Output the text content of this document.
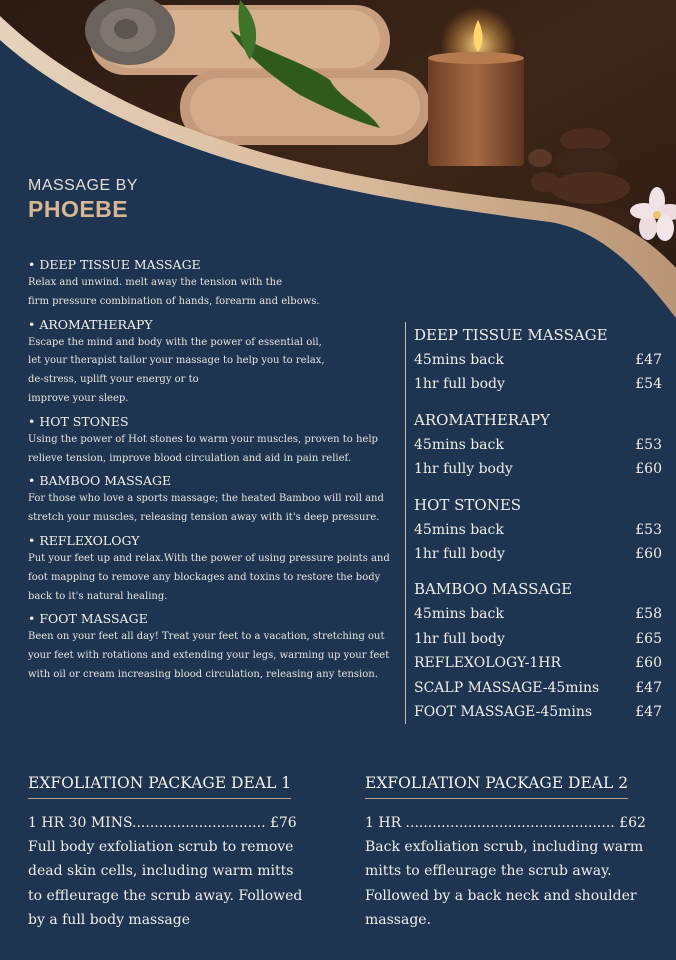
MASSAGE BY
PHOEBE
• DEEP TISSUE MASSAGE
Relax and unwind. melt away the tension with the
firm pressure combination of hands, forearm and elbows.
• AROMATHERAPY
Escape the mind and body with the power of essential oil,
let your therapist tailor your massage to help you to relax,
de-stress, uplift your energy or to
improve your sleep.
• HOT STONES
Using the power of Hot stones to warm your muscles, proven to help
relieve tension, improve blood circulation and aid in pain relief.
• BAMBOO MASSAGE
For those who love a sports massage; the heated Bamboo will roll and
stretch your muscles, releasing tension away with it's deep pressure.
• REFLEXOLOGY
Put your feet up and relax.With the power of using pressure points and
foot mapping to remove any blockages and toxins to restore the body
back to it's natural healing.
• FOOT MASSAGE
Been on your feet all day! Treat your feet to a vacation, stretching out
your feet with rotations and extending your legs, warming up your feet
with oil or cream increasing blood circulation, releasing any tension.
DEEP TISSUE MASSAGE
45mins back	£47
1hr full body	£54
AROMATHERAPY
45mins back	£53
1hr fully body	£60
HOT STONES
45mins back	£53
1hr full body	£60
BAMBOO MASSAGE
45mins back	£58
1hr full body	£65
REFLEXOLOGY-1HR	£60
SCALP MASSAGE-45mins	£47
FOOT MASSAGE-45mins	£47
EXFOLIATION PACKAGE DEAL 1
1 HR 30 MINS.............................. £76
Full body exfoliation scrub to remove
dead skin cells, including warm mitts
to effleurage the scrub away. Followed
by a full body massage
EXFOLIATION PACKAGE DEAL 2
1 HR ............................................... £62
Back exfoliation scrub, including warm
mitts to effleurage the scrub away.
Followed by a back neck and shoulder
massage.
